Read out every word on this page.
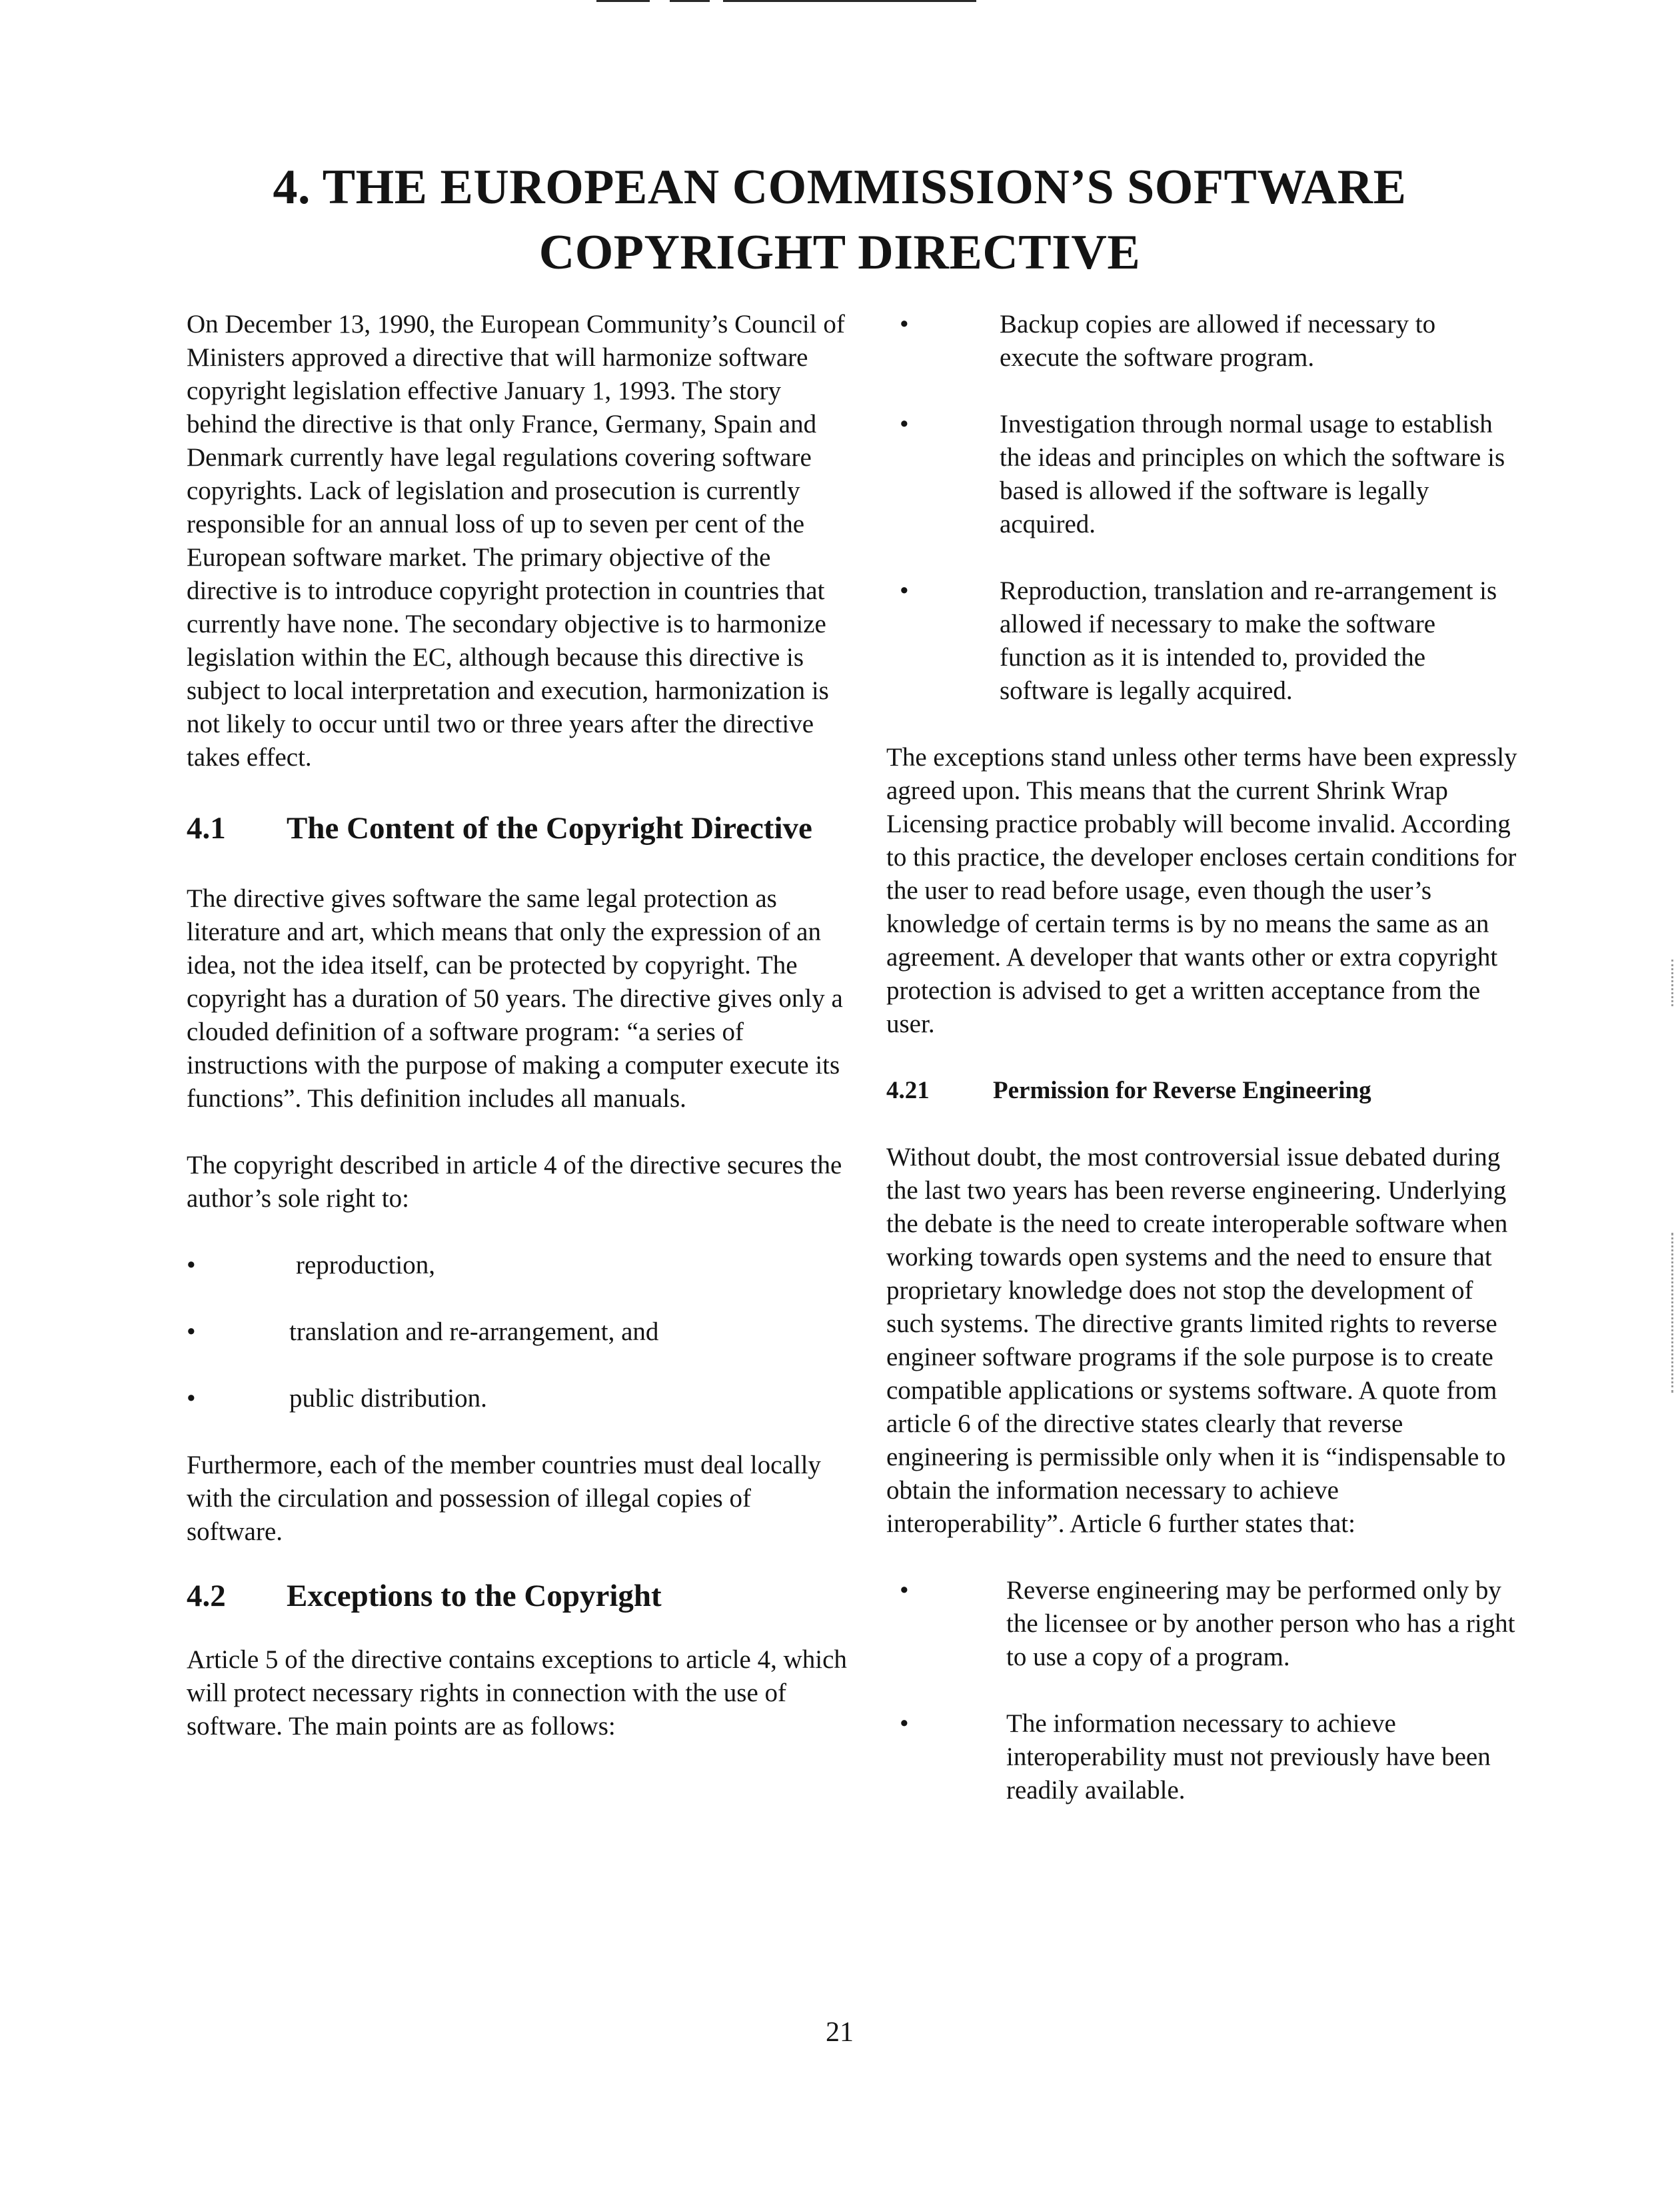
4. THE EUROPEAN COMMISSION’S SOFTWARE
COPYRIGHT DIRECTIVE

On December 13, 1990, the European Community’s Council of Ministers approved a directive that will harmonize software copyright legislation effective January 1, 1993. The story behind the directive is that only France, Germany, Spain and Denmark currently have legal regulations covering software copyrights. Lack of legislation and prosecution is currently responsible for an annual loss of up to seven per cent of the European software market. The primary objective of the directive is to introduce copyright protection in countries that currently have none. The secondary objective is to harmonize legislation within the EC, although because this directive is subject to local interpretation and execution, harmonization is not likely to occur until two or three years after the directive takes effect.

4.1	The Content of the Copyright Directive

The directive gives software the same legal protection as literature and art, which means that only the expression of an idea, not the idea itself, can be protected by copyright. The copyright has a duration of 50 years. The directive gives only a clouded definition of a software program: “a series of instructions with the purpose of making a computer execute its functions”. This definition includes all manuals.

The copyright described in article 4 of the directive secures the author’s sole right to:

•	reproduction,
•	translation and re-arrangement, and
•	public distribution.

Furthermore, each of the member countries must deal locally with the circulation and possession of illegal copies of software.

4.2	Exceptions to the Copyright

Article 5 of the directive contains exceptions to article 4, which will protect necessary rights in connection with the use of software. The main points are as follows:

•	Backup copies are allowed if necessary to execute the software program.
•	Investigation through normal usage to establish the ideas and principles on which the software is based is allowed if the software is legally acquired.
•	Reproduction, translation and re-arrangement is allowed if necessary to make the software function as it is intended to, provided the software is legally acquired.

The exceptions stand unless other terms have been expressly agreed upon. This means that the current Shrink Wrap Licensing practice probably will become invalid. According to this practice, the developer encloses certain conditions for the user to read before usage, even though the user’s knowledge of certain terms is by no means the same as an agreement. A developer that wants other or extra copyright protection is advised to get a written acceptance from the user.

4.21	Permission for Reverse Engineering

Without doubt, the most controversial issue debated during the last two years has been reverse engineering. Underlying the debate is the need to create interoperable software when working towards open systems and the need to ensure that proprietary knowledge does not stop the development of such systems. The directive grants limited rights to reverse engineer software programs if the sole purpose is to create compatible applications or systems software. A quote from article 6 of the directive states clearly that reverse engineering is permissible only when it is “indispensable to obtain the information necessary to achieve interoperability”. Article 6 further states that:

•	Reverse engineering may be performed only by the licensee or by another person who has a right to use a copy of a program.
•	The information necessary to achieve interoperability must not previously have been readily available.
21
